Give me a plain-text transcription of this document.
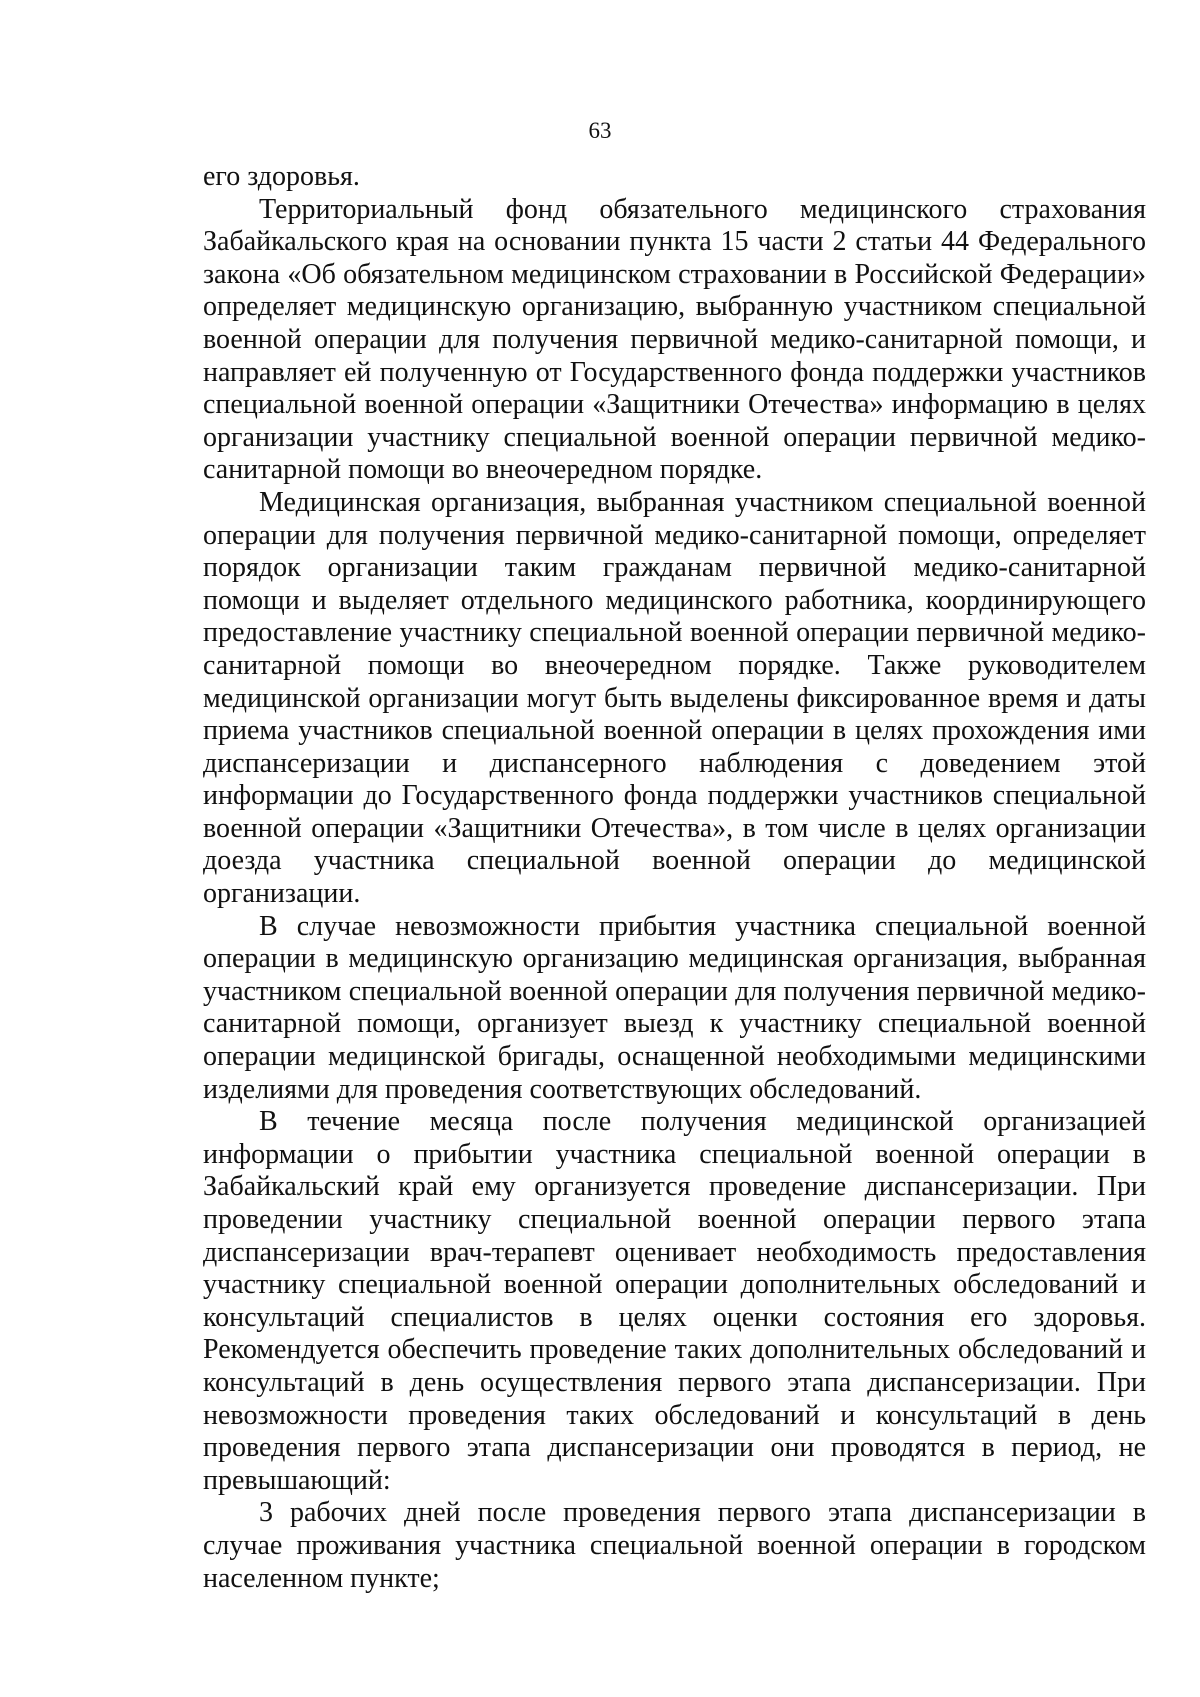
63

его здоровья.

Территориальный фонд обязательного медицинского страхования Забайкальского края на основании пункта 15 части 2 статьи 44 Федерального закона «Об обязательном медицинском страховании в Российской Федерации» определяет медицинскую организацию, выбранную участником специальной военной операции для получения первичной медико-санитарной помощи, и направляет ей полученную от Государственного фонда поддержки участников специальной военной операции «Защитники Отечества» информацию в целях организации участнику специальной военной операции первичной медико-санитарной помощи во внеочередном порядке.

Медицинская организация, выбранная участником специальной военной операции для получения первичной медико-санитарной помощи, определяет порядок организации таким гражданам первичной медико-санитарной помощи и выделяет отдельного медицинского работника, координирующего предоставление участнику специальной военной операции первичной медико-санитарной помощи во внеочередном порядке. Также руководителем медицинской организации могут быть выделены фиксированное время и даты приема участников специальной военной операции в целях прохождения ими диспансеризации и диспансерного наблюдения с доведением этой информации до Государственного фонда поддержки участников специальной военной операции «Защитники Отечества», в том числе в целях организации доезда участника специальной военной операции до медицинской организации.

В случае невозможности прибытия участника специальной военной операции в медицинскую организацию медицинская организация, выбранная участником специальной военной операции для получения первичной медико-санитарной помощи, организует выезд к участнику специальной военной операции медицинской бригады, оснащенной необходимыми медицинскими изделиями для проведения соответствующих обследований.

В течение месяца после получения медицинской организацией информации о прибытии участника специальной военной операции в Забайкальский край ему организуется проведение диспансеризации. При проведении участнику специальной военной операции первого этапа диспансеризации врач-терапевт оценивает необходимость предоставления участнику специальной военной операции дополнительных обследований и консультаций специалистов в целях оценки состояния его здоровья. Рекомендуется обеспечить проведение таких дополнительных обследований и консультаций в день осуществления первого этапа диспансеризации. При невозможности проведения таких обследований и консультаций в день проведения первого этапа диспансеризации они проводятся в период, не превышающий:

3 рабочих дней после проведения первого этапа диспансеризации в случае проживания участника специальной военной операции в городском населенном пункте;
